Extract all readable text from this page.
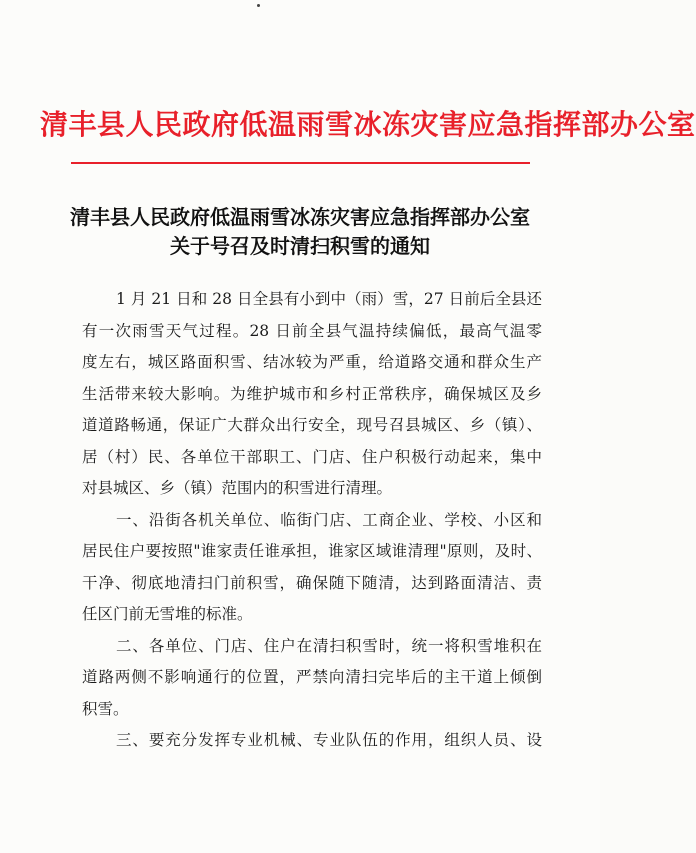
清丰县人民政府低温雨雪冰冻灾害应急指挥部办公室
清丰县人民政府低温雨雪冰冻灾害应急指挥部办公室
关于号召及时清扫积雪的通知
1 月 21 日和 28 日全县有小到中（雨）雪，27 日前后全县还
有一次雨雪天气过程。28 日前全县气温持续偏低，最高气温零
度左右，城区路面积雪、结冰较为严重，给道路交通和群众生产
生活带来较大影响。为维护城市和乡村正常秩序，确保城区及乡
道道路畅通，保证广大群众出行安全，现号召县城区、乡（镇）、
居（村）民、各单位干部职工、门店、住户积极行动起来，集中
对县城区、乡（镇）范围内的积雪进行清理。
一、沿街各机关单位、临街门店、工商企业、学校、小区和
居民住户要按照"谁家责任谁承担，谁家区域谁清理"原则，及时、
干净、彻底地清扫门前积雪，确保随下随清，达到路面清洁、责
任区门前无雪堆的标准。
二、各单位、门店、住户在清扫积雪时，统一将积雪堆积在
道路两侧不影响通行的位置，严禁向清扫完毕后的主干道上倾倒
积雪。
三、要充分发挥专业机械、专业队伍的作用，组织人员、设
